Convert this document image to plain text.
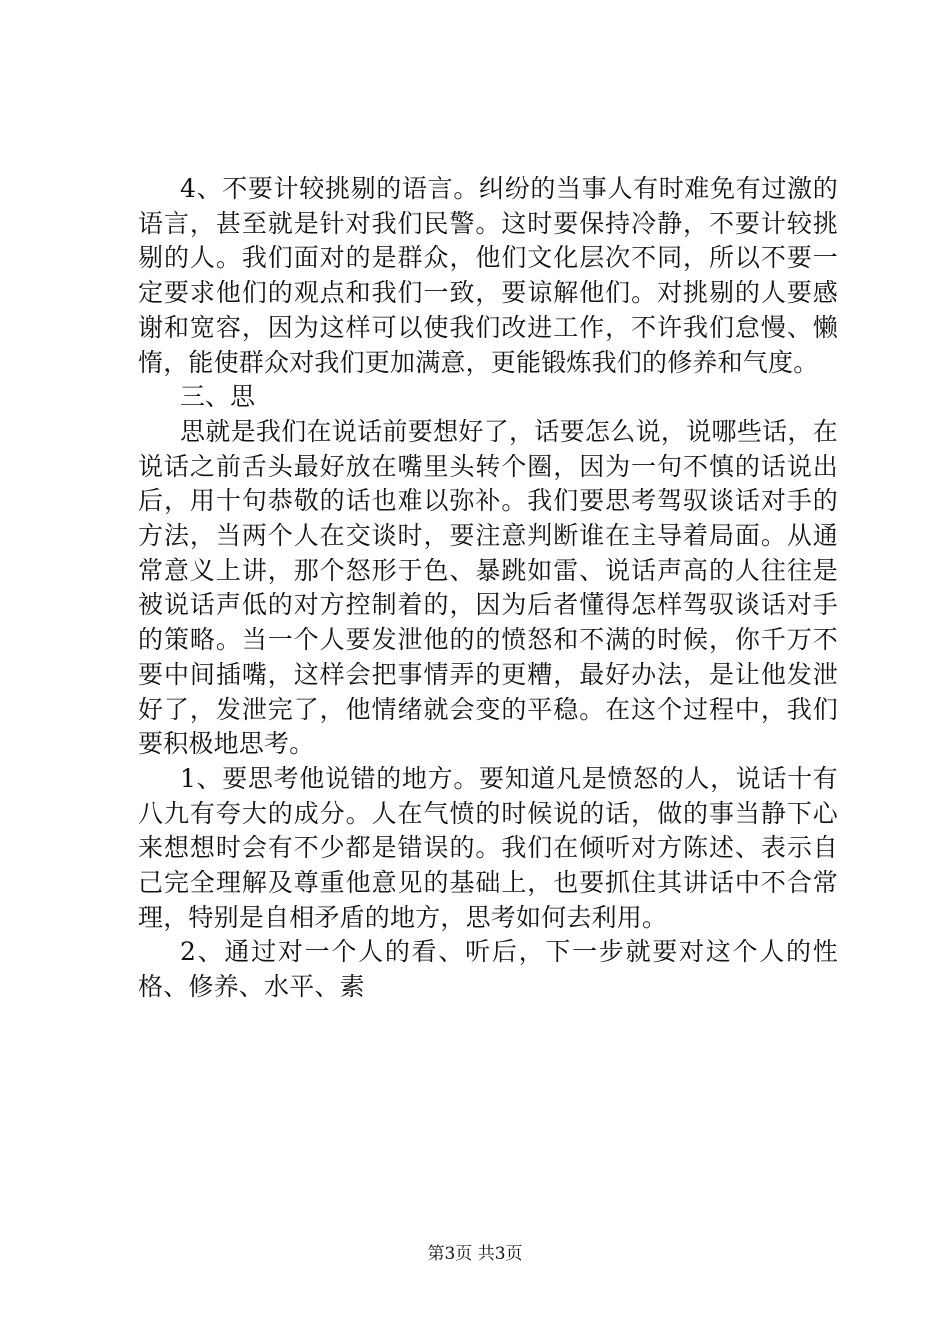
4、不要计较挑剔的语言。纠纷的当事人有时难免有过激的语言，甚至就是针对我们民警。这时要保持冷静，不要计较挑剔的人。我们面对的是群众，他们文化层次不同，所以不要一定要求他们的观点和我们一致，要谅解他们。对挑剔的人要感谢和宽容，因为这样可以使我们改进工作，不许我们怠慢、懒惰，能使群众对我们更加满意，更能锻炼我们的修养和气度。

三、思

思就是我们在说话前要想好了，话要怎么说，说哪些话，在说话之前舌头最好放在嘴里头转个圈，因为一句不慎的话说出后，用十句恭敬的话也难以弥补。我们要思考驾驭谈话对手的方法，当两个人在交谈时，要注意判断谁在主导着局面。从通常意义上讲，那个怒形于色、暴跳如雷、说话声高的人往往是被说话声低的对方控制着的，因为后者懂得怎样驾驭谈话对手的策略。当一个人要发泄他的的愤怒和不满的时候，你千万不要中间插嘴，这样会把事情弄的更糟，最好办法，是让他发泄好了，发泄完了，他情绪就会变的平稳。在这个过程中，我们要积极地思考。

1、要思考他说错的地方。要知道凡是愤怒的人，说话十有八九有夸大的成分。人在气愤的时候说的话，做的事当静下心来想想时会有不少都是错误的。我们在倾听对方陈述、表示自己完全理解及尊重他意见的基础上，也要抓住其讲话中不合常理，特别是自相矛盾的地方，思考如何去利用。

2、通过对一个人的看、听后，下一步就要对这个人的性格、修养、水平、素

第3页 共3页
